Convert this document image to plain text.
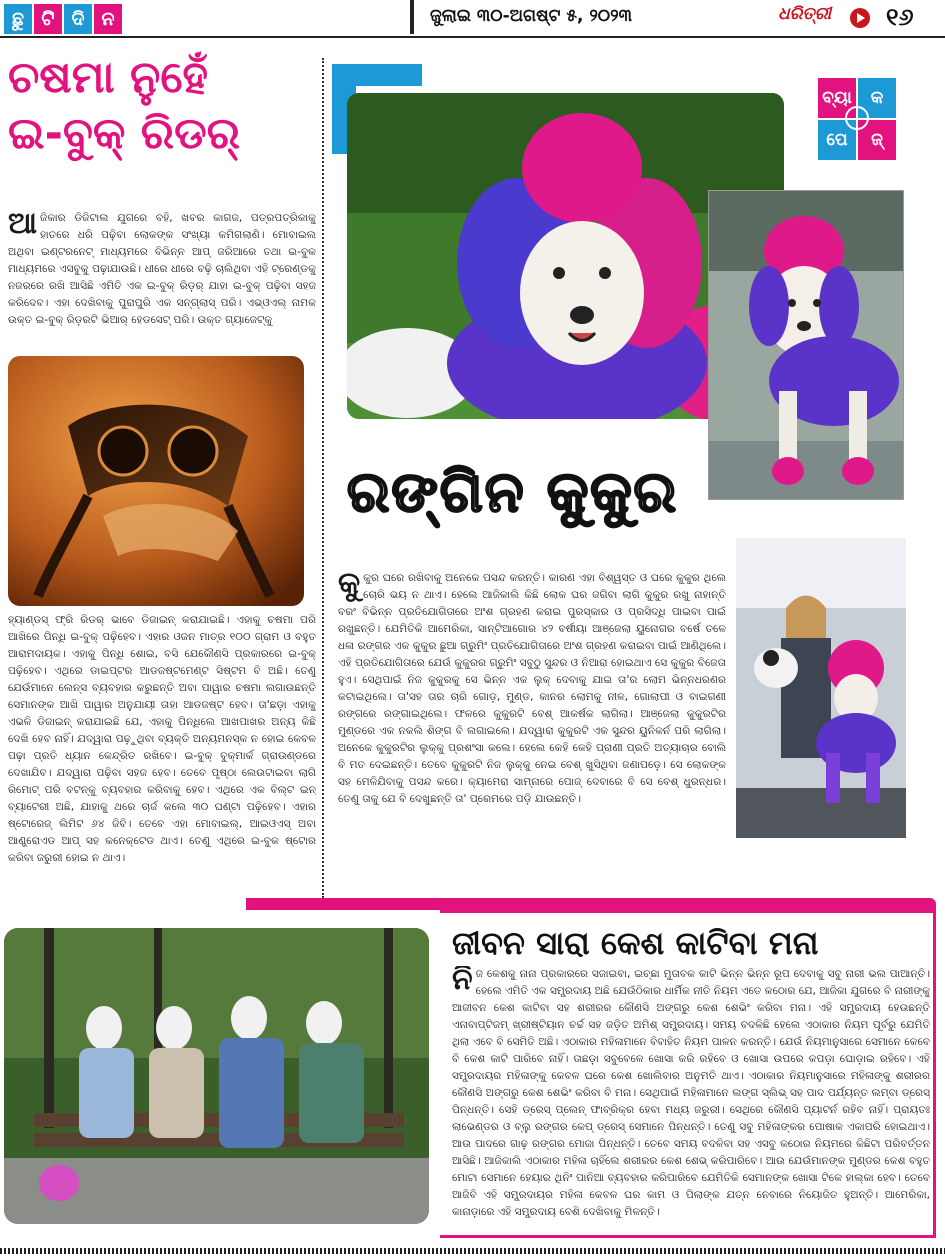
ଛୁ ଟି ଦି ନ	ଜୁଲାଇ ୩୦-ଅଗଷ୍ଟ ୫, ୨୦୨୩	ଧରିତ୍ରୀ ୧୬
ଚଷମା ନୁହେଁ
ଇ-ବୁକ୍ ରିଡର୍
ଆ ଜିକାର ଡିଜିଟାଲ ଯୁଗରେ ବହି, ଖବର କାଗଜ, ପତ୍ରପତ୍ରିକାକୁ ହାତରେ ଧରି ପଢ଼ିବା ଲୋକଙ୍କ ସଂଖ୍ୟା କମିଗଲାଣି। ମୋବାଇଲ ଅଥିବା ଇଣ୍ଟରନେଟ୍ ମାଧ୍ୟମରେ ବିଭିନ୍ନ ଆପ୍ ଜରିଆରେ ତଥା ଇ-ବୁକ ମାଧ୍ୟମରେ ଏସବୁକୁ ପଢ଼ାଯାଉଛି। ଧୀରେ ଧୀରେ ବଢ଼ି ଚାଲିଥିବା ଏହି ଟ୍ରେଣ୍ଡକୁ ନଜରରେ ରଖି ଆସିଛି ଏମିତି ଏକ ଇ-ବୁକ୍ ରିଡ଼ର୍ ଯାହା ଇ-ବୁକ୍ ପଢ଼ିବା ସହଜ କରିଦେବ। ଏହା ଦେଖିବାକୁ ପୁରାପୁରି ଏକ ସନ୍‌ଗ୍ଲାସ୍ ପରି। ଏଭ୍ଓଏଲ୍ ନାମକ ଉକ୍ତ ଇ-ବୁକ୍ ରିଡ଼ରଟି ଭିଆର୍ ହେଡସେଟ୍ ପରି। ଉକ୍ତ ଗ୍ୟାଜେଟ୍‌କୁ
ହ୍ୟାଣ୍ଡସ୍ ଫ୍ରି ରିଡର୍ ଭାବେ ଡିଜାଇନ୍ କରାଯାଇଛି। ଏହାକୁ ଚଷମା ପରି ଆଖିରେ ପିନ୍ଧି ଇ-ବୁକ୍ ପଢ଼ିହେବ। ଏହାର ଓଜନ ମାତ୍ର ୧୦୦ ଗ୍ରାମ ଓ ବହୁତ ଆରାମଦାୟକ। ଏହାକୁ ପିନ୍ଧି ଶୋଇ, ବସି ଯେକୌଣସି ପ୍ରକାରରେ ଇ-ବୁକ୍ ପଢ଼ିହେବ। ଏଥିରେ ଡାଇପ୍ଟର ଆଡଜଷ୍ଟମେଣ୍ଟ ସିଷ୍ଟମ ବି ଅଛି। ତେଣୁ ଯେଉଁମାନେ ଲେନ୍ସ ବ୍ୟବହାର କରୁଛନ୍ତି ଅବା ପାୱାର ଚଷମା ଲଗାଉଛନ୍ତି ସେମାନଙ୍କ ଆଖି ପାୱାର ଅନୁଯାୟୀ ତାହା ଆଡଜଷ୍ଟ ହେବ। ତା'ଛଡ଼ା ଏହାକୁ ଏଭଳି ଡିଜାଇନ୍ କରାଯାଇଛି ଯେ, ଏହାକୁ ପିନ୍ଧିଲେ ଆଖପାଖର ଅନ୍ୟ କିଛି ଦେଖି ହେବ ନାହିଁ। ଯଦ୍ୱାରା ପଢ଼ୁଥିବା ବ୍ୟକ୍ତି ଅନ୍ୟମନସ୍କ ନ ହୋଇ କେବଳ ପଢ଼ା ପ୍ରତି ଧ୍ୟାନ କେନ୍ଦ୍ରିତ ରଖିବେ। ଇ-ବୁକ୍ ବୁକ୍‌ମାର୍କ ଗ୍ରାଉଣ୍ଡରେ ଦେଖାଯିବ। ଯଦ୍ୱାରା ପଢ଼ିବା ସହଜ ହେବ। ତେବେ ପୃଷ୍ଠା ଲେଉଟାଇବା ଲାଗି ରିମୋଟ୍ ପରି ବଟନ୍‌କୁ ବ୍ୟବହାର କରିବାକୁ ହେବ। ଏଥିରେ ଏକ ବିଲ୍ଟ ଇନ୍ ବ୍ୟାଟେରୀ ଅଛି, ଯାହାକୁ ଥରେ ଚାର୍ଜ କଲେ ୩୦ ଘଣ୍ଟା ପଢ଼ିହେବ। ଏହାର ଷ୍ଟୋରେଜ୍ ଲିମିଟ ୬୪ ଜିବି। ତେବେ ଏହା ମୋବାଇଲ୍, ଆଇଓଏସ୍ ଅବା ଆଣ୍ଡ୍ରୋଏଡ ଆପ୍ ସହ କନେକ୍ଟେଡ ଥାଏ। ତେଣୁ ଏଥିରେ ଇ-ବୁକ ଷ୍ଟୋର କରିବା ଜରୁରୀ ହୋଇ ନ ଥାଏ।
ବ୍ୟା	କ
ପେ	ଜ୍
ରଙ୍ଗିନ କୁକୁର
କୁ କୁର ଘରେ ରଖିବାକୁ ଅନେକେ ପସନ୍ଦ କରନ୍ତି। କାରଣ ଏହା ବିଶ୍ୱସ୍ତ ଓ ଘରେ କୁକୁର ଥିଲେ ଚୋରି ଭୟ ନ ଥାଏ। ହେଲେ ଆଜିକାଲି କିଛି ଲୋକ ଘର ଜଗିବା ଲାଗି କୁକୁର ରଖୁ ନାହାନ୍ତି ବରଂ ବିଭିନ୍ନ ପ୍ରତିଯୋଗିତାରେ ଅଂଶ ଗ୍ରହଣ କରାଇ ପୁରସ୍କାର ଓ ପ୍ରସିଦ୍ଧି ପାଇବା ପାଇଁ ରଖୁଛନ୍ତି। ଯେମିତିକି ଆମେରିକା, ସାନ୍‌ଟିଆଗୋର ୪୨ ବର୍ଷୀୟା ଆଞ୍ଜେଲା ୟୁନୋଗର ବର୍ଷେ ତଳେ ଧଳା ରଙ୍ଗର ଏକ କୁକୁର ଛୁଆ ଗ୍ରୁମିଂ ପ୍ରତିଯୋଗିତାରେ ଅଂଶ ଗ୍ରହଣ କରାଇବା ପାଇଁ ଆଣିଥିଲେ। ଏହି ପ୍ରତିଯୋଗିତାରେ ଯେଉଁ କୁକୁରର ଗ୍ରୁମିଂ ସବୁଠୁ ସୁନ୍ଦର ଓ ନିଆରା ହୋଇଥାଏ ସେ କୁକୁର ବିଜେତା ହୁଏ। ସେଥିପାଇଁ ନିଜ କୁକୁରକୁ ସେ ଭିନ୍ନ ଏକ ଲୁକ୍ ଦେବାକୁ ଯାଇ ତା'ର ଲୋମ ଭିନ୍ନଧରଣର କଟାଇଥିଲେ। ତା'ସହ ତାର ଚାରି ଗୋଡ଼, ମୁଣ୍ଡ, କାନର ଲୋମକୁ ନୀଳ, ଗୋଲାପୀ ଓ ବାଇଗଣୀ ରଙ୍ଗରେ ରଙ୍ଗାଇଥିଲେ। ଫଳରେ କୁକୁରଟି ବେଶ୍ ଆକର୍ଷକ ଲାଗିଲା। ଆଞ୍ଜେଲା କୁକୁରଟିର ମୁଣ୍ଡରେ ଏକ ନକଲି ଶିଙ୍ଗ ବି ଲଗାଇଲେ। ଯଦ୍ୱାରା କୁକୁରଟି ଏକ ସୁନ୍ଦର ୟୁନିକର୍ନ ପରି ଲାଗିଲା। ଅନେକେ କୁକୁରଟିର ଲୁକ୍‌କୁ ପ୍ରଶଂସା କଲେ। ହେଲେ କେହି କେହି ପ୍ରାଣୀ ପ୍ରତି ଅତ୍ୟାଚାର ବୋଲି ବି ମତ ଦେଇଛନ୍ତି। ତେବେ କୁକୁରଟି ନିଜ ଲୁକ୍‌କୁ ନେଇ ବେଶ୍ ଖୁସିଥିବା ଜଣାପଡ଼େ। ସେ ଲୋକଙ୍କ ସହ ମେଳିଯିବାକୁ ପସନ୍ଦ କରେ। କ୍ୟାମେରା ସାମ୍ନାରେ ପୋଜ୍ ଦେବାରେ ବି ସେ ବେଶ୍ ଧୁରନ୍ଧର। ତେଣୁ ତାକୁ ଯେ ବି ଦେଖୁଛନ୍ତି ତା' ପ୍ରେମରେ ପଡ଼ି ଯାଉଛନ୍ତି।
ଜୀବନ ସାରା କେଶ କାଟିବା ମନା
ନି ଜ କେଶକୁ ନାନା ପ୍ରକାରରେ ସଜାଇବା, ଇଚ୍ଛା ମୁତାବକ କାଟି ଭିନ୍ନ ଭିନ୍ନ ରୂପ ଦେବାକୁ ସବୁ ନାରୀ ଭଲ ପାଆନ୍ତି। ହେଲେ ଏମିତି ଏକ ସମ୍ପ୍ରଦାୟ ଅଛି ଯେଉଁଠିକାର ଧାର୍ମିକ ନୀତି ନିୟମ ଏତେ କଠୋର ଯେ, ଆଜିକା ଯୁଗରେ ବି ନାରୀଙ୍କୁ ଆଜୀବନ କେଶ କାଟିବା ସହ ଶରୀରର କୌଣସି ଅଙ୍ଗରୁ କେଶ ଶେଭିଂ କରିବା ମନା। ଏହି ସମ୍ପ୍ରଦାୟ ହେଉଛନ୍ତି ଏନାବାପ୍ଟିଜମ୍ ଖ୍ରୀଷ୍ଟିୟାନ ଚର୍ଚ୍ଚ ସହ ଜଡ଼ିତ ଅମିଶ୍ ସମ୍ପ୍ରଦାୟ। ସମୟ ବଦଳିଛି ହେଲେ ଏଠାକାର ନିୟମ ପୂର୍ବରୁ ଯେମିତି ଥିଲା ଏବେ ବି ସେମିତି ଅଛି। ଏଠାକାର ମହିଳାମାନେ ବିବାହିତ ନିୟମ ପାଳନ କରନ୍ତି। ଯେଉଁ ନିୟମାନୁସାରେ ସେମାନେ କେବେ ବି କେଶ କାଟି ପାରିବେ ନାହିଁ। ତାଛଡ଼ା ସବୁବେଳେ ଖୋସା କରି ରହିବେ ଓ ଖୋସା ଉପରେ କପଡ଼ା ଘୋଡ଼ାଇ ରହିବେ। ଏହି ସମ୍ପ୍ରଦାୟର ମହିଳାଙ୍କୁ କେବଳ ଘରେ କେଶ ଖୋଲିବାର ଅନୁମତି ଥାଏ। ଏଠାକାର ନିୟମାନୁସାରେ ମହିଳାଙ୍କୁ ଶରୀରର କୌଣସି ଅଙ୍ଗରୁ କେଶ ଶେଭିଂ କରିବା ବି ମନା। ସେଥିପାଇଁ ମହିଳାମାନେ ଲଙ୍ଗ ସ୍ଲିଭ୍ ସହ ପାଦ ପର୍ଯ୍ୟନ୍ତ ଲମ୍ବା ଡ୍ରେସ୍ ପିନ୍ଧନ୍ତି। ସେହି ଡ୍ରେସ୍ ପ୍ଲେନ୍ ଫାବ୍ରିକ୍‌ର ହେବା ମଧ୍ୟ ଜରୁରୀ। ସେଥିରେ କୌଣସି ପ୍ୟାଟର୍ନ ରହିବ ନାହିଁ। ପ୍ରାୟତଃ ଲାଭେଣ୍ଡର ଓ ବ୍ଲୁ ରଙ୍ଗର କେପ୍ ଡ୍ରେସ୍ ସେମାନେ ପିନ୍ଧନ୍ତି। ତେଣୁ ସବୁ ମହିଳାଙ୍କର ପୋଷାକ ଏକାପରି ହୋଇଥାଏ। ଆଉ ପାଦରେ ଗାଢ଼ ରଙ୍ଗର ମୋଜା ପିନ୍ଧନ୍ତି। ତେବେ ସମୟ ବଦଳିବା ସହ ଏସବୁ କଠୋର ନିୟମରେ କିଛିଟା ପରିବର୍ତ୍ତନ ଆସିଛି। ଆଜିକାଲି ଏଠାକାର ମହିଳା ଚାହିଁଲେ ଶରୀରର କେଶ ଶେଭ୍ କରିପାରିବେ। ଆଉ ଯେଉଁମାନଙ୍କ ମୁଣ୍ଡର କେଶ ବହୁତ ମୋଟା ସେମାନେ ହେୟାର ଥିନିଂ ପାନିଆ ବ୍ୟବହାର କରିପାରିବେ ଯେମିତିକି ସେମାନଙ୍କ ଖୋସା ଟିକେ ହାଲ୍‌କା ହେବ। ତେବେ ଆଜିବି ଏହି ସମ୍ପ୍ରଦାୟର ମହିଳା କେବଳ ଘର କାମ ଓ ପିଲାଙ୍କ ଯତ୍ନ ନେବାରେ ନିୟୋଜିତ ହୁଅନ୍ତି। ଆମେରିକା, କାନାଡ଼ାରେ ଏହି ସମ୍ପ୍ରଦାୟ ବେଶି ଦେଖିବାକୁ ମିଳନ୍ତି।
